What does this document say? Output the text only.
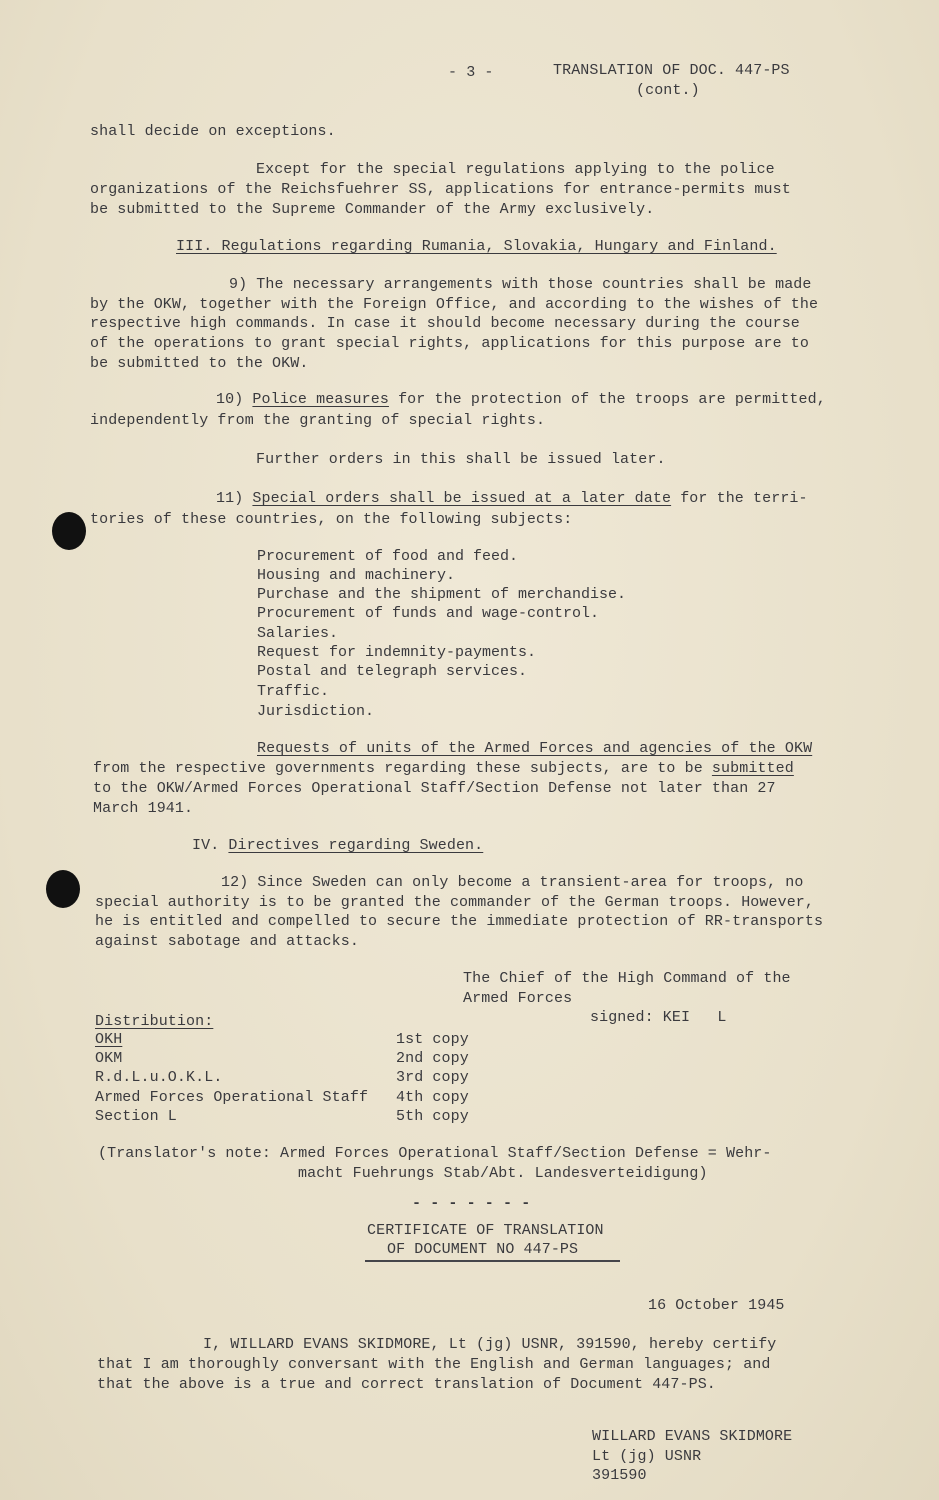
- 3 -	TRANSLATION OF DOC. 447-PS
(cont.)
shall decide on exceptions.
Except for the special regulations applying to the police
organizations of the Reichsfuehrer SS, applications for entrance-permits must
be submitted to the Supreme Commander of the Army exclusively.
III. Regulations regarding Rumania, Slovakia, Hungary and Finland.
9) The necessary arrangements with those countries shall be made
by the OKW, together with the Foreign Office, and according to the wishes of the
respective high commands. In case it should become necessary during the course
of the operations to grant special rights, applications for this purpose are to
be submitted to the OKW.
10) Police measures for the protection of the troops are permitted,
independently from the granting of special rights.
Further orders in this shall be issued later.
11) Special orders shall be issued at a later date for the terri-
tories of these countries, on the following subjects:
Procurement of food and feed.
Housing and machinery.
Purchase and the shipment of merchandise.
Procurement of funds and wage-control.
Salaries.
Request for indemnity-payments.
Postal and telegraph services.
Traffic.
Jurisdiction.
Requests of units of the Armed Forces and agencies of the OKW
from the respective governments regarding these subjects, are to be submitted
to the OKW/Armed Forces Operational Staff/Section Defense not later than 27
March 1941.
IV. Directives regarding Sweden.
12) Since Sweden can only become a transient-area for troops, no
special authority is to be granted the commander of the German troops. However,
he is entitled and compelled to secure the immediate protection of RR-transports
against sabotage and attacks.
The Chief of the High Command of the
Armed Forces
signed: KEI   L
Distribution:
OKH	1st copy
OKM	2nd copy
R.d.L.u.O.K.L.	3rd copy
Armed Forces Operational Staff 4th copy
Section L	5th copy
(Translator's note: Armed Forces Operational Staff/Section Defense = Wehr-
macht Fuehrungs Stab/Abt. Landesverteidigung)
- - - - - - -
CERTIFICATE OF TRANSLATION
OF DOCUMENT NO 447-PS
16 October 1945
I, WILLARD EVANS SKIDMORE, Lt (jg) USNR, 391590, hereby certify
that I am thoroughly conversant with the English and German languages; and
that the above is a true and correct translation of Document 447-PS.
WILLARD EVANS SKIDMORE
Lt (jg) USNR
391590
